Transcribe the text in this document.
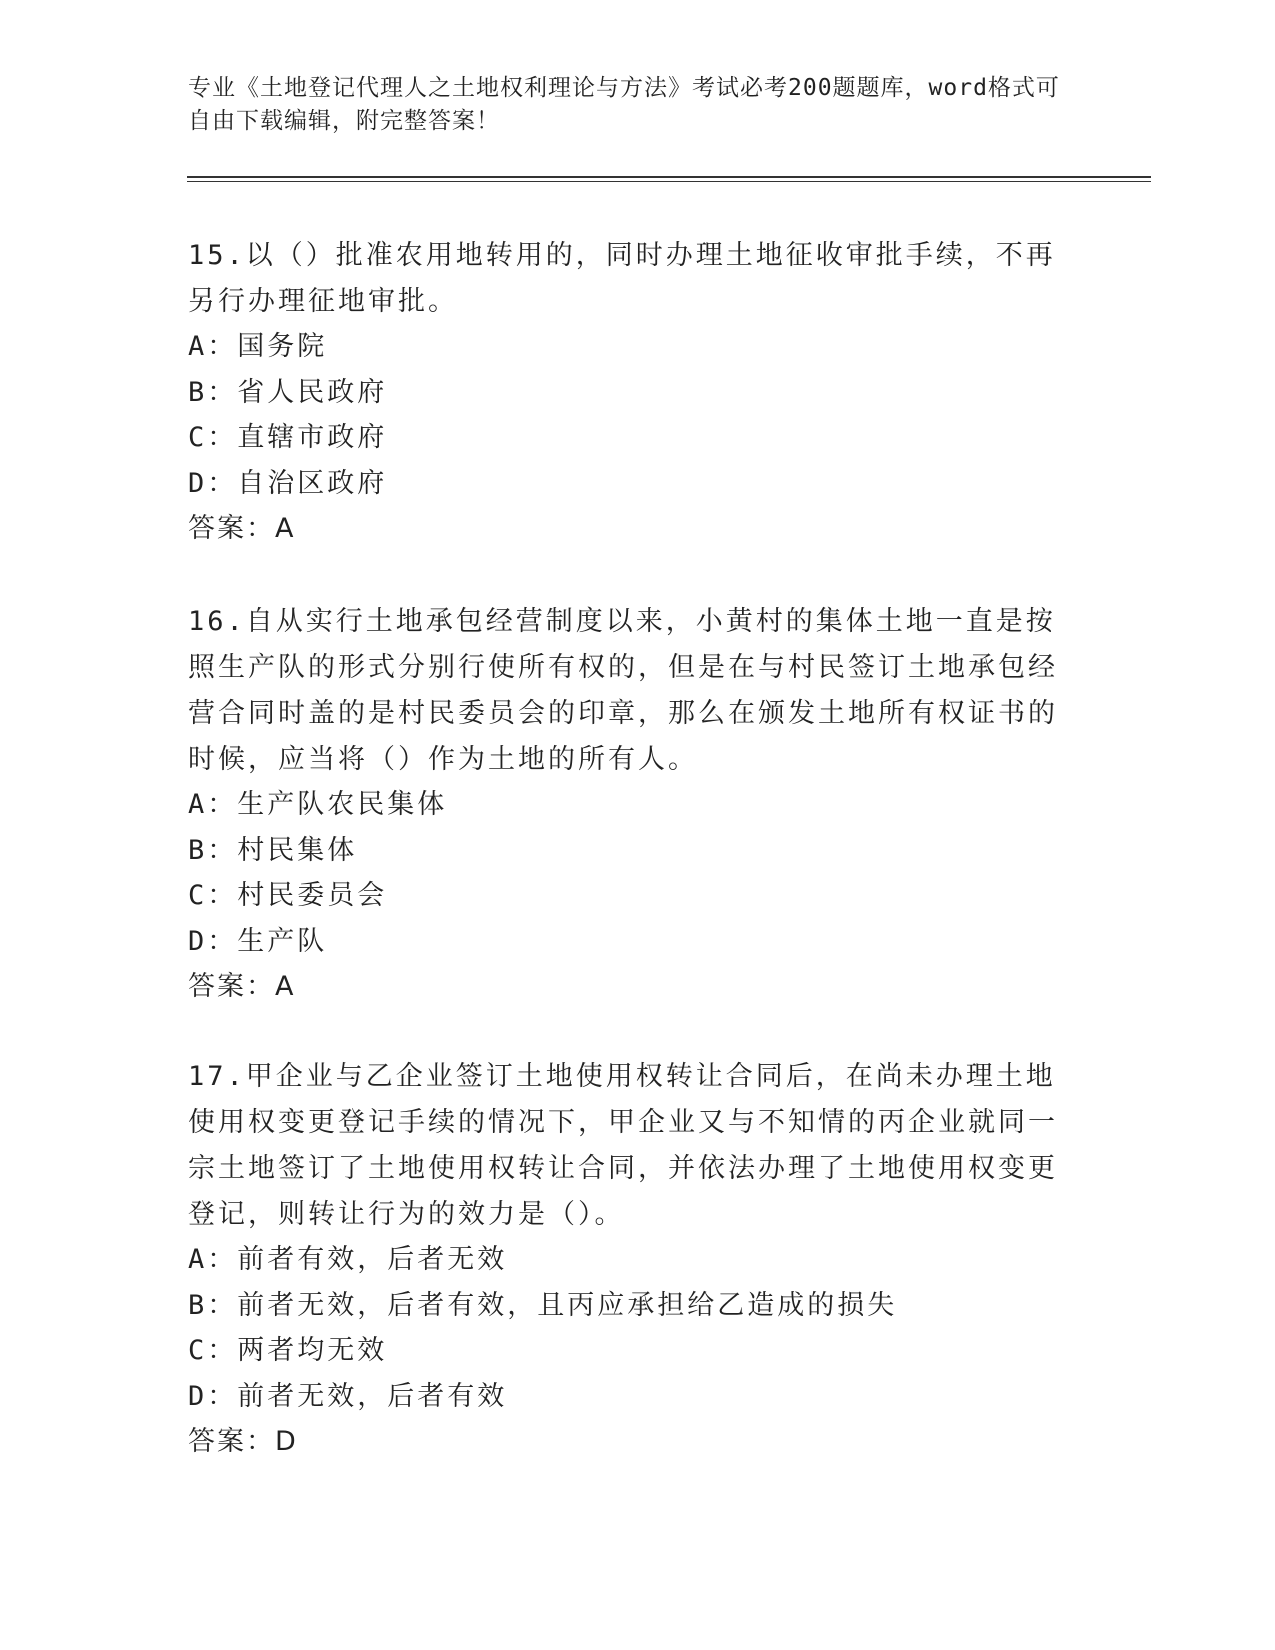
专业《土地登记代理人之土地权利理论与方法》考试必考200题题库，word格式可自由下载编辑，附完整答案！
15.以（）批准农用地转用的，同时办理土地征收审批手续，不再另行办理征地审批。
A：国务院
B：省人民政府
C：直辖市政府
D：自治区政府
答案：A
16.自从实行土地承包经营制度以来，小黄村的集体土地一直是按照生产队的形式分别行使所有权的，但是在与村民签订土地承包经营合同时盖的是村民委员会的印章，那么在颁发土地所有权证书的时候，应当将（）作为土地的所有人。
A：生产队农民集体
B：村民集体
C：村民委员会
D：生产队
答案：A
17.甲企业与乙企业签订土地使用权转让合同后，在尚未办理土地使用权变更登记手续的情况下，甲企业又与不知情的丙企业就同一宗土地签订了土地使用权转让合同，并依法办理了土地使用权变更登记，则转让行为的效力是（）。
A：前者有效，后者无效
B：前者无效，后者有效，且丙应承担给乙造成的损失
C：两者均无效
D：前者无效，后者有效
答案：D
